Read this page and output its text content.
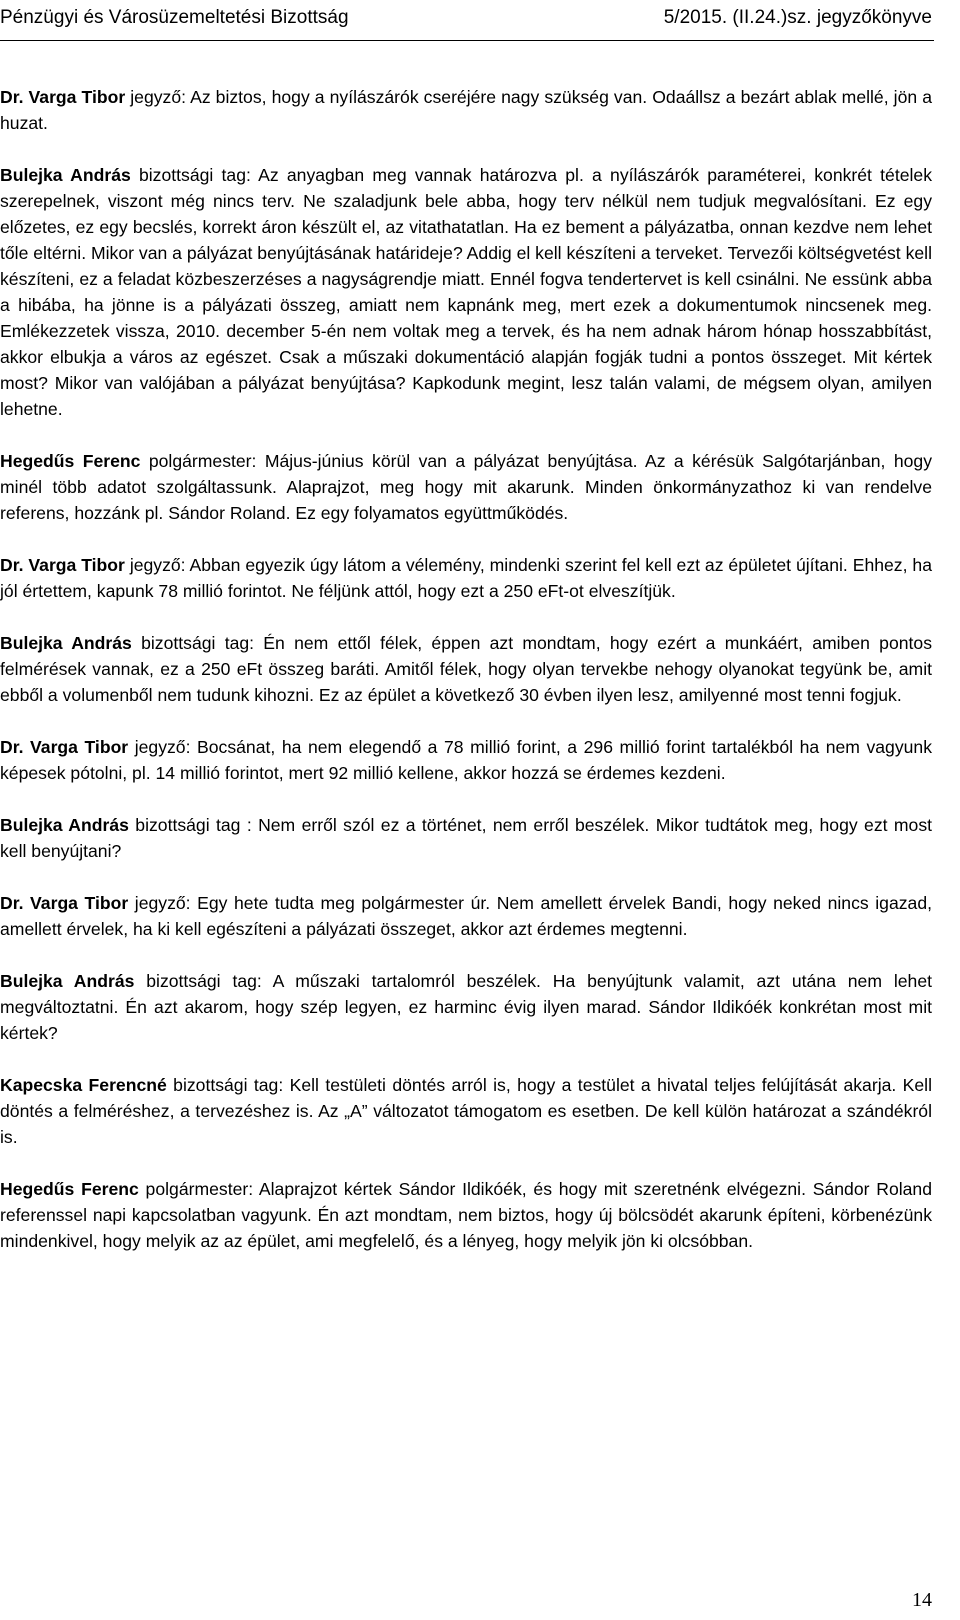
Pénzügyi és Városüzemeltetési Bizottság	5/2015. (II.24.)sz. jegyzőkönyve

Dr. Varga Tibor jegyző: Az biztos, hogy a nyílászárók cseréjére nagy szükség van. Odaállsz a bezárt ablak mellé, jön a huzat.

Bulejka András bizottsági tag: Az anyagban meg vannak határozva pl. a nyílászárók paraméterei, konkrét tételek szerepelnek, viszont még nincs terv. Ne szaladjunk bele abba, hogy terv nélkül nem tudjuk megvalósítani. Ez egy előzetes, ez egy becslés, korrekt áron készült el, az vitathatatlan. Ha ez bement a pályázatba, onnan kezdve nem lehet tőle eltérni. Mikor van a pályázat benyújtásának határideje? Addig el kell készíteni a terveket. Tervezői költségvetést kell készíteni, ez a feladat közbeszerzéses a nagyságrendje miatt. Ennél fogva tendertervet is kell csinálni. Ne essünk abba a hibába, ha jönne is a pályázati összeg, amiatt nem kapnánk meg, mert ezek a dokumentumok nincsenek meg. Emlékezzetek vissza, 2010. december 5-én nem voltak meg a tervek, és ha nem adnak három hónap hosszabbítást, akkor elbukja a város az egészet. Csak a műszaki dokumentáció alapján fogják tudni a pontos összeget. Mit kértek most? Mikor van valójában a pályázat benyújtása? Kapkodunk megint, lesz talán valami, de mégsem olyan, amilyen lehetne.

Hegedűs Ferenc polgármester: Május-június körül van a pályázat benyújtása. Az a kérésük Salgótarjánban, hogy minél több adatot szolgáltassunk. Alaprajzot, meg hogy mit akarunk. Minden önkormányzathoz ki van rendelve referens, hozzánk pl. Sándor Roland. Ez egy folyamatos együttműködés.

Dr. Varga Tibor jegyző: Abban egyezik úgy látom a vélemény, mindenki szerint fel kell ezt az épületet újítani. Ehhez, ha jól értettem, kapunk 78 millió forintot. Ne féljünk attól, hogy ezt a 250 eFt-ot elveszítjük.

Bulejka András bizottsági tag: Én nem ettől félek, éppen azt mondtam, hogy ezért a munkáért, amiben pontos felmérések vannak, ez a 250 eFt összeg baráti. Amitől félek, hogy olyan tervekbe nehogy olyanokat tegyünk be, amit ebből a volumenből nem tudunk kihozni. Ez az épület a következő 30 évben ilyen lesz, amilyenné most tenni fogjuk.

Dr. Varga Tibor jegyző: Bocsánat, ha nem elegendő a 78 millió forint, a 296 millió forint tartalékból ha nem vagyunk képesek pótolni, pl. 14 millió forintot, mert 92 millió kellene, akkor hozzá se érdemes kezdeni.

Bulejka András bizottsági tag : Nem erről szól ez a történet, nem erről beszélek. Mikor tudtátok meg, hogy ezt most kell benyújtani?

Dr. Varga Tibor jegyző: Egy hete tudta meg polgármester úr. Nem amellett érvelek Bandi, hogy neked nincs igazad, amellett érvelek, ha ki kell egészíteni a pályázati összeget, akkor azt érdemes megtenni.

Bulejka András bizottsági tag: A műszaki tartalomról beszélek. Ha benyújtunk valamit, azt utána nem lehet megváltoztatni. Én azt akarom, hogy szép legyen, ez harminc évig ilyen marad. Sándor Ildikóék konkrétan most mit kértek?

Kapecska Ferencné bizottsági tag: Kell testületi döntés arról is, hogy a testület a hivatal teljes felújítását akarja. Kell döntés a felméréshez, a tervezéshez is. Az „A” változatot támogatom es esetben. De kell külön határozat a szándékról is.

Hegedűs Ferenc polgármester: Alaprajzot kértek Sándor Ildikóék, és hogy mit szeretnénk elvégezni. Sándor Roland referenssel napi kapcsolatban vagyunk. Én azt mondtam, nem biztos, hogy új bölcsödét akarunk építeni, körbenézünk mindenkivel, hogy melyik az az épület, ami megfelelő, és a lényeg, hogy melyik jön ki olcsóbban.

14
